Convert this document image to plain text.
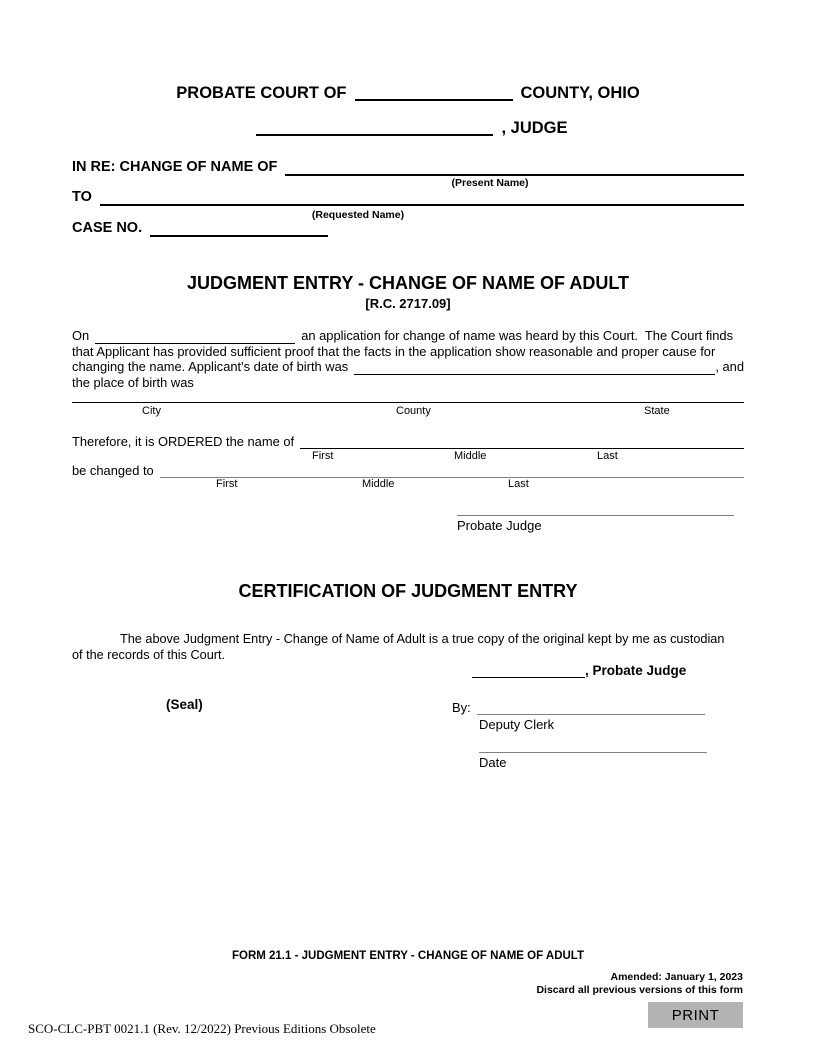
PROBATE COURT OF	COUNTY, OHIO
, JUDGE
IN RE: CHANGE OF NAME OF
(Present Name)
TO
(Requested Name)
CASE NO.
JUDGMENT ENTRY - CHANGE OF NAME OF ADULT
[R.C. 2717.09]
On	an application for change of name was heard by this Court.  The Court finds
that Applicant has provided sufficient proof that the facts in the application show reasonable and proper cause for
changing the name. Applicant's date of birth was	, and
the place of birth was
City	County	State
Therefore, it is ORDERED the name of
First	Middle	Last
be changed to
First	Middle	Last
Probate Judge
CERTIFICATION OF JUDGMENT ENTRY
The above Judgment Entry - Change of Name of Adult is a true copy of the original kept by me as custodian
of the records of this Court.
, Probate Judge
(Seal)	By:
Deputy Clerk
Date
FORM 21.1 - JUDGMENT ENTRY - CHANGE OF NAME OF ADULT
Amended: January 1, 2023
Discard all previous versions of this form
PRINT
SCO-CLC-PBT 0021.1 (Rev. 12/2022) Previous Editions Obsolete
